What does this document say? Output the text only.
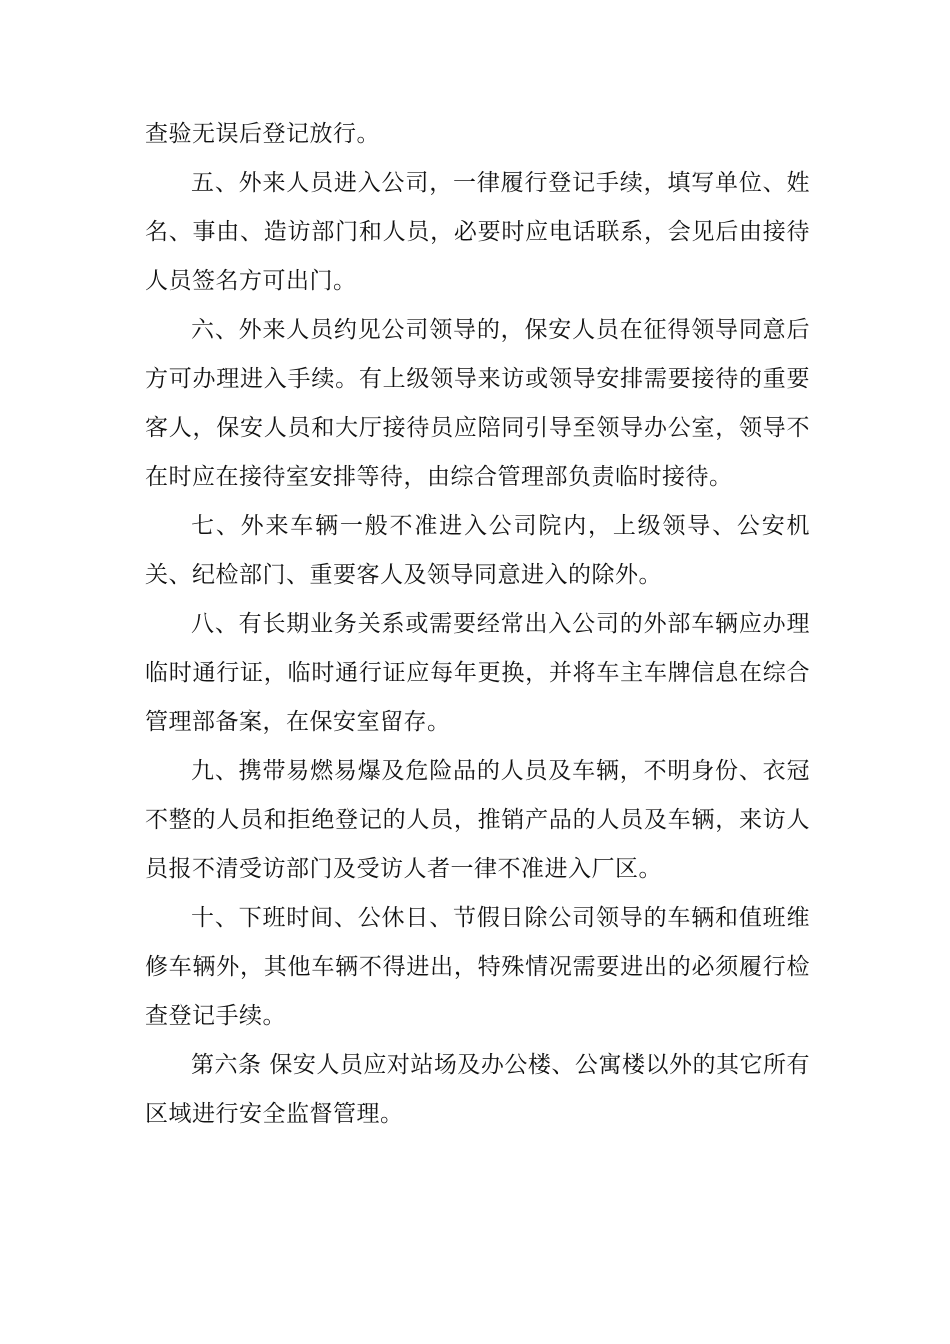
查验无误后登记放行。

五、外来人员进入公司，一律履行登记手续，填写单位、姓名、事由、造访部门和人员，必要时应电话联系，会见后由接待人员签名方可出门。

六、外来人员约见公司领导的，保安人员在征得领导同意后方可办理进入手续。有上级领导来访或领导安排需要接待的重要客人，保安人员和大厅接待员应陪同引导至领导办公室，领导不在时应在接待室安排等待，由综合管理部负责临时接待。

七、外来车辆一般不准进入公司院内，上级领导、公安机关、纪检部门、重要客人及领导同意进入的除外。

八、有长期业务关系或需要经常出入公司的外部车辆应办理临时通行证，临时通行证应每年更换，并将车主车牌信息在综合管理部备案，在保安室留存。

九、携带易燃易爆及危险品的人员及车辆，不明身份、衣冠不整的人员和拒绝登记的人员，推销产品的人员及车辆，来访人员报不清受访部门及受访人者一律不准进入厂区。

十、下班时间、公休日、节假日除公司领导的车辆和值班维修车辆外，其他车辆不得进出，特殊情况需要进出的必须履行检查登记手续。

第六条 保安人员应对站场及办公楼、公寓楼以外的其它所有区域进行安全监督管理。
